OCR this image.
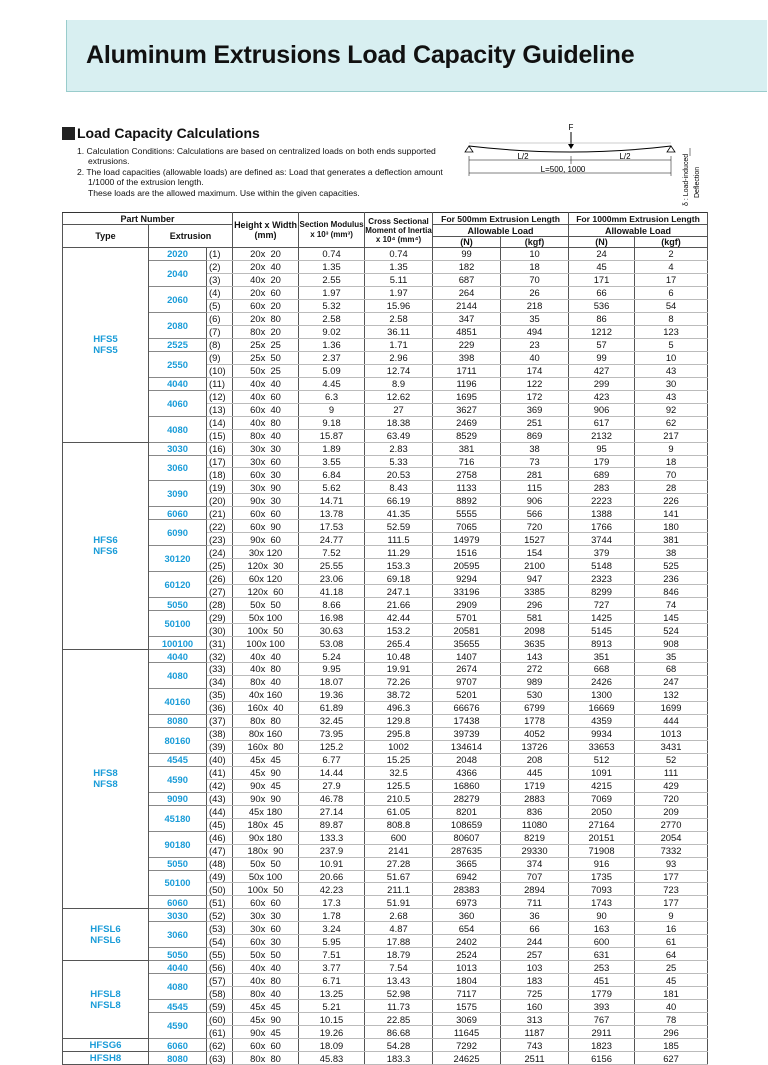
Aluminum Extrusions Load Capacity Guideline
Load Capacity Calculations
1. Calculation Conditions: Calculations are based on centralized loads on both ends supported
extrusions.
2. The load capacities (allowable loads) are defined as: Load that generates a deflection amount
1/1000 of the extrusion length.
These loads are the allowed maximum. Use within the given capacities.
F
L/2	L/2
L=500, 1000	δ : Load-induced Deflection
Part Number			Height x Width (mm)	Section Modulus x 10³ (mm³)	Cross Sectional Moment of Inertia x 10⁴ (mm⁴)	For 500mm Extrusion Length		For 1000mm Extrusion Length	
Type	Extrusion					Allowable Load		Allowable Load	
						(N)	(kgf)	(N)	(kgf)
HFS5
NFS5	2020	(1)	20x  20	0.74	0.74	99	10	24	2
	2040	(2)	20x  40	1.35	1.35	182	18	45	4
		(3)	40x  20	2.55	5.11	687	70	171	17
	2060	(4)	20x  60	1.97	1.97	264	26	66	6
		(5)	60x  20	5.32	15.96	2144	218	536	54
	2080	(6)	20x  80	2.58	2.58	347	35	86	8
		(7)	80x  20	9.02	36.11	4851	494	1212	123
	2525	(8)	25x  25	1.36	1.71	229	23	57	5
	2550	(9)	25x  50	2.37	2.96	398	40	99	10
		(10)	50x  25	5.09	12.74	1711	174	427	43
	4040	(11)	40x  40	4.45	8.9	1196	122	299	30
	4060	(12)	40x  60	6.3	12.62	1695	172	423	43
		(13)	60x  40	9	27	3627	369	906	92
	4080	(14)	40x  80	9.18	18.38	2469	251	617	62
		(15)	80x  40	15.87	63.49	8529	869	2132	217
HFS6
NFS6	3030	(16)	30x  30	1.89	2.83	381	38	95	9
	3060	(17)	30x  60	3.55	5.33	716	73	179	18
		(18)	60x  30	6.84	20.53	2758	281	689	70
	3090	(19)	30x  90	5.62	8.43	1133	115	283	28
		(20)	90x  30	14.71	66.19	8892	906	2223	226
	6060	(21)	60x  60	13.78	41.35	5555	566	1388	141
	6090	(22)	60x  90	17.53	52.59	7065	720	1766	180
		(23)	90x  60	24.77	111.5	14979	1527	3744	381
	30120	(24)	30x 120	7.52	11.29	1516	154	379	38
		(25)	120x  30	25.55	153.3	20595	2100	5148	525
	60120	(26)	60x 120	23.06	69.18	9294	947	2323	236
		(27)	120x  60	41.18	247.1	33196	3385	8299	846
	5050	(28)	50x  50	8.66	21.66	2909	296	727	74
	50100	(29)	50x 100	16.98	42.44	5701	581	1425	145
		(30)	100x  50	30.63	153.2	20581	2098	5145	524
	100100	(31)	100x 100	53.08	265.4	35655	3635	8913	908
HFS8
NFS8	4040	(32)	40x  40	5.24	10.48	1407	143	351	35
	4080	(33)	40x  80	9.95	19.91	2674	272	668	68
		(34)	80x  40	18.07	72.26	9707	989	2426	247
	40160	(35)	40x 160	19.36	38.72	5201	530	1300	132
		(36)	160x  40	61.89	496.3	66676	6799	16669	1699
	8080	(37)	80x  80	32.45	129.8	17438	1778	4359	444
	80160	(38)	80x 160	73.95	295.8	39739	4052	9934	1013
		(39)	160x  80	125.2	1002	134614	13726	33653	3431
	4545	(40)	45x  45	6.77	15.25	2048	208	512	52
	4590	(41)	45x  90	14.44	32.5	4366	445	1091	111
		(42)	90x  45	27.9	125.5	16860	1719	4215	429
	9090	(43)	90x  90	46.78	210.5	28279	2883	7069	720
	45180	(44)	45x 180	27.14	61.05	8201	836	2050	209
		(45)	180x  45	89.87	808.8	108659	11080	27164	2770
	90180	(46)	90x 180	133.3	600	80607	8219	20151	2054
		(47)	180x  90	237.9	2141	287635	29330	71908	7332
	5050	(48)	50x  50	10.91	27.28	3665	374	916	93
	50100	(49)	50x 100	20.66	51.67	6942	707	1735	177
		(50)	100x  50	42.23	211.1	28383	2894	7093	723
	6060	(51)	60x  60	17.3	51.91	6973	711	1743	177
HFSL6
NFSL6	3030	(52)	30x  30	1.78	2.68	360	36	90	9
	3060	(53)	30x  60	3.24	4.87	654	66	163	16
		(54)	60x  30	5.95	17.88	2402	244	600	61
	5050	(55)	50x  50	7.51	18.79	2524	257	631	64
HFSL8
NFSL8	4040	(56)	40x  40	3.77	7.54	1013	103	253	25
	4080	(57)	40x  80	6.71	13.43	1804	183	451	45
		(58)	80x  40	13.25	52.98	7117	725	1779	181
	4545	(59)	45x  45	5.21	11.73	1575	160	393	40
	4590	(60)	45x  90	10.15	22.85	3069	313	767	78
		(61)	90x  45	19.26	86.68	11645	1187	2911	296
HFSG6	6060	(62)	60x  60	18.09	54.28	7292	743	1823	185
HFSH8	8080	(63)	80x  80	45.83	183.3	24625	2511	6156	627
